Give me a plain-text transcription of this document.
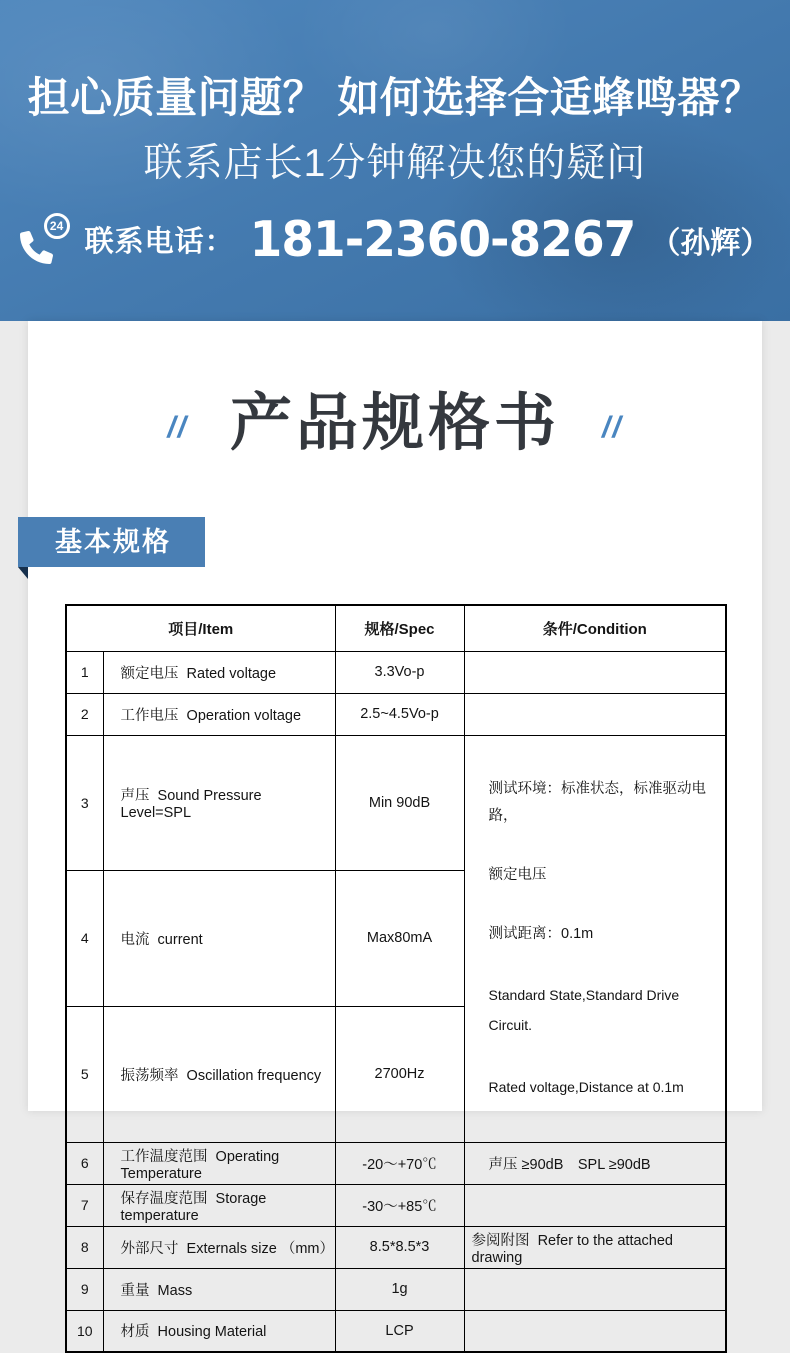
担心质量问题？ 如何选择合适蜂鸣器？
联系店长1分钟解决您的疑问
24
联系电话： 181-2360-8267 （孙辉）
// 产品规格书 //
基本规格
项目/Item		规格/Spec	条件/Condition
1	额定电压  Rated voltage	3.3Vo-p	
2	工作电压  Operation voltage	2.5~4.5Vo-p	
3	声压  Sound Pressure Level=SPL	Min 90dB	测试环境：标准状态，标准驱动电路，

额定电压

测试距离：0.1m

Standard State,Standard Drive Circuit.

Rated voltage,Distance at 0.1m

4	电流  current	Max80mA	
5	振荡频率  Oscillation frequency	2700Hz	
6	工作温度范围  Operating Temperature	-20～+70℃	声压 ≥90dB　SPL ≥90dB
7	保存温度范围  Storage temperature	-30～+85℃	
8	外部尺寸  Externals size （mm）	8.5*8.5*3	参阅附图  Refer to the attached drawing
9	重量  Mass	1g	
10	材质  Housing Material	LCP	
